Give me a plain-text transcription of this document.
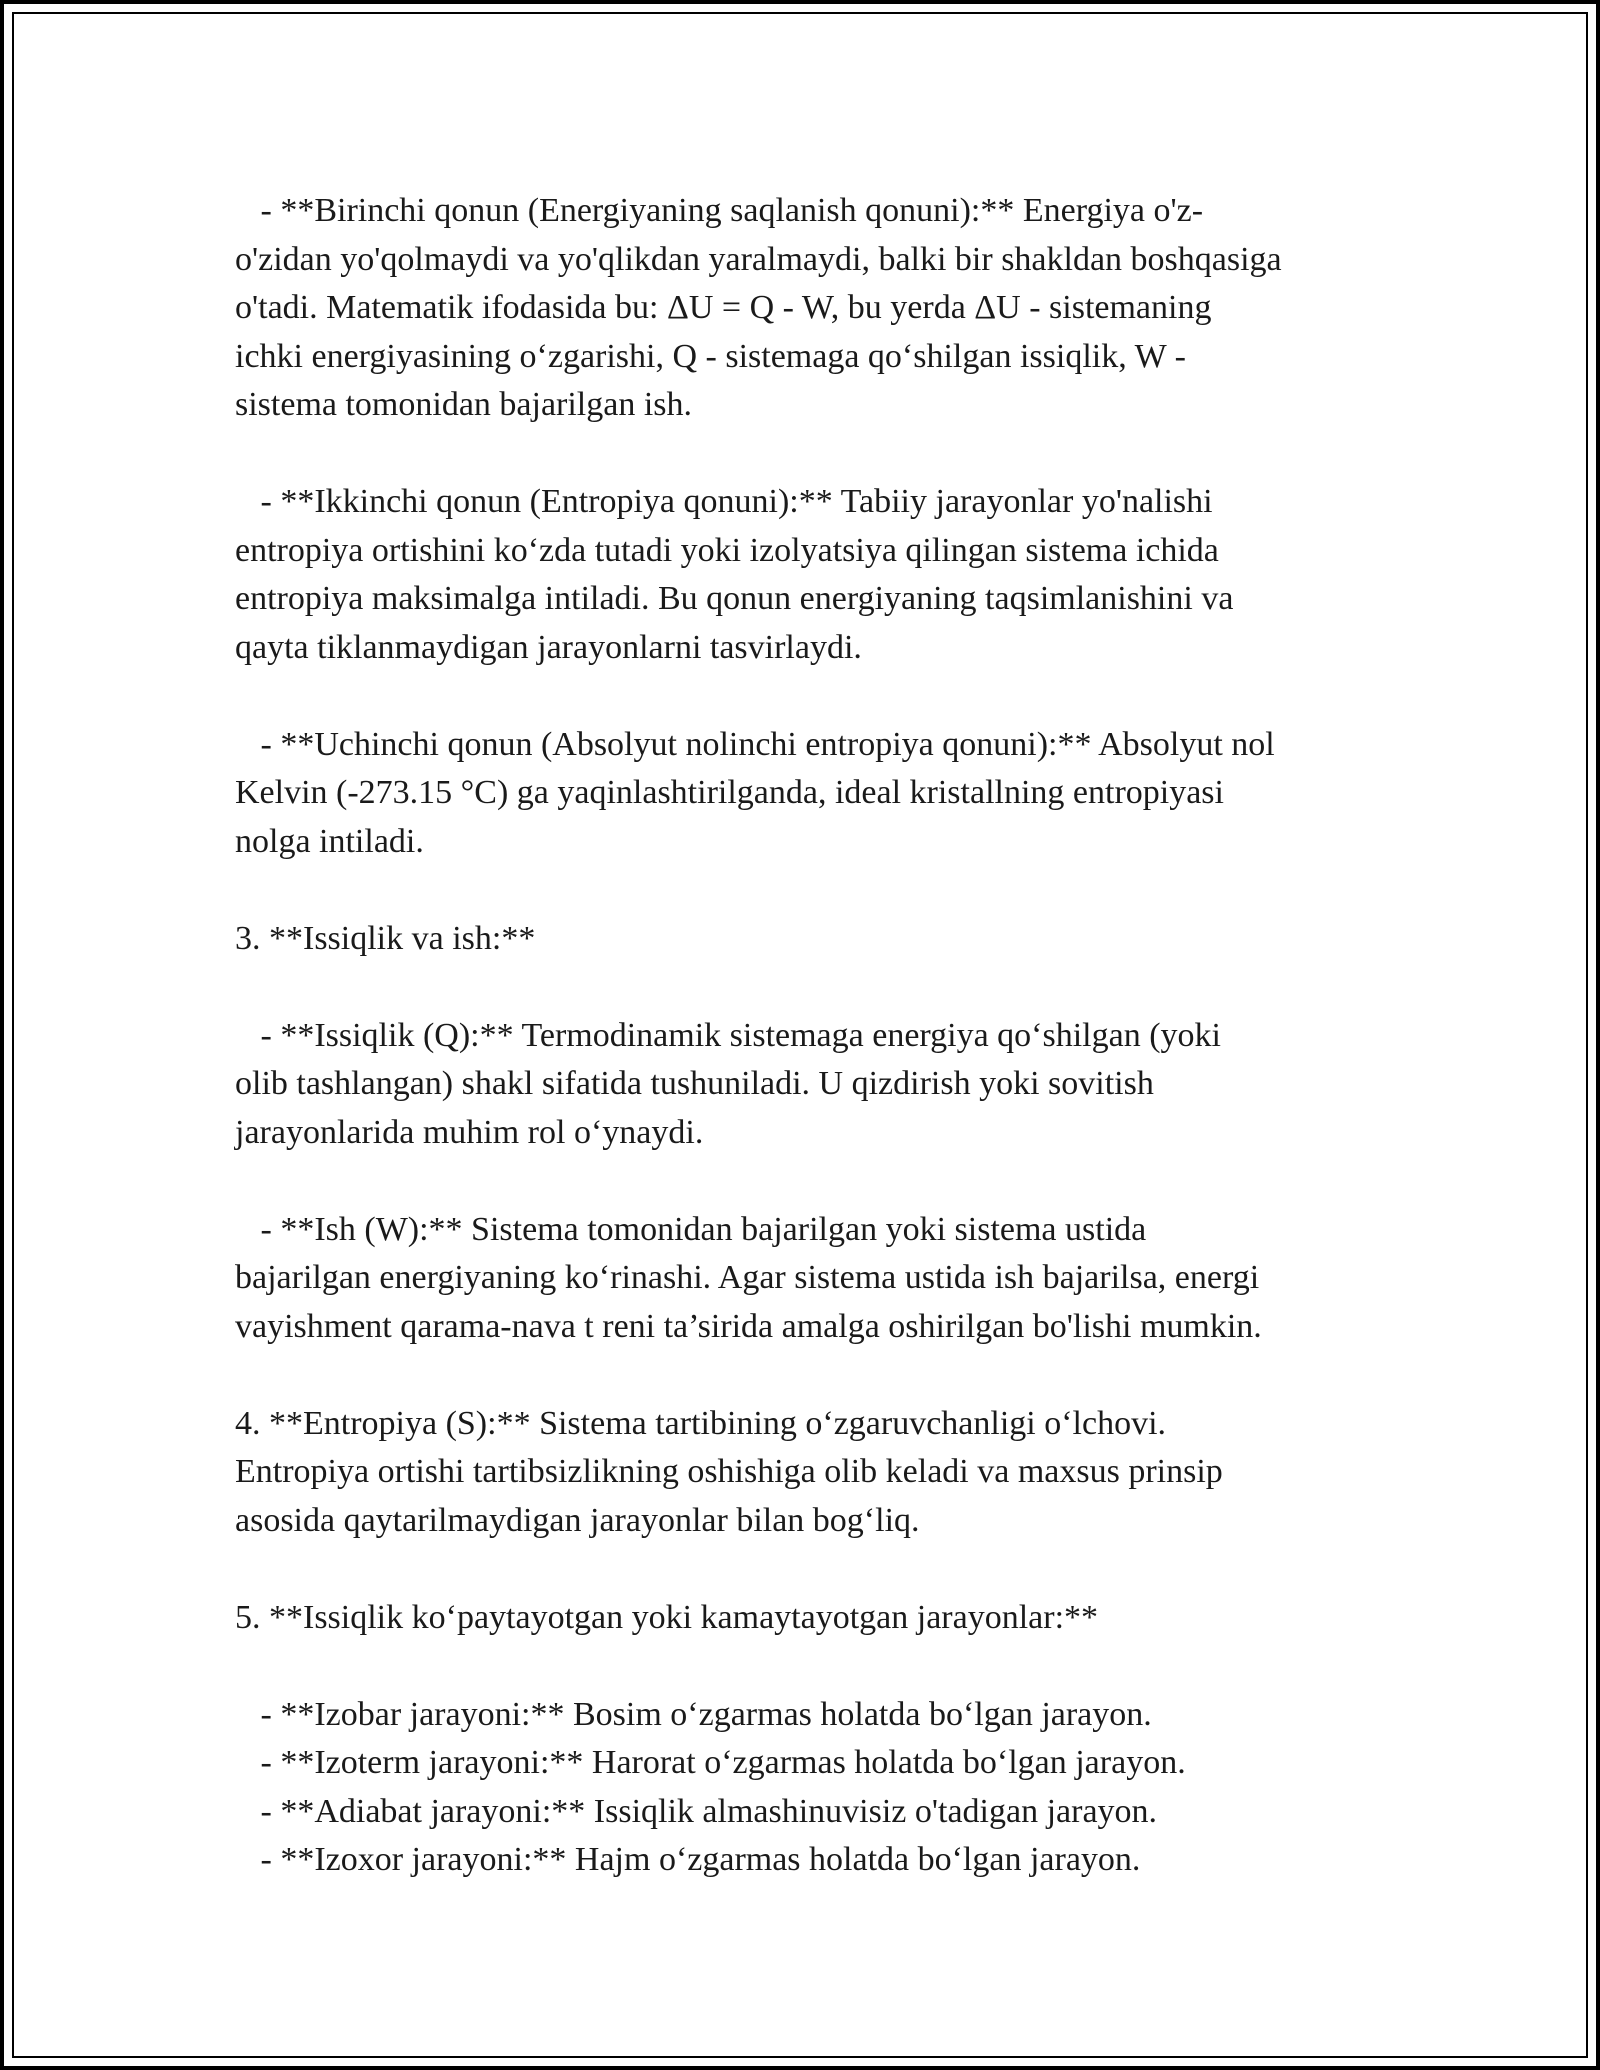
- **Birinchi qonun (Energiyaning saqlanish qonuni):** Energiya o'z-
o'zidan yo'qolmaydi va yo'qlikdan yaralmaydi, balki bir shakldan boshqasiga
o'tadi. Matematik ifodasida bu: ΔU = Q - W, bu yerda ΔU - sistemaning
ichki energiyasining o‘zgarishi, Q - sistemaga qo‘shilgan issiqlik, W -
sistema tomonidan bajarilgan ish.
- **Ikkinchi qonun (Entropiya qonuni):** Tabiiy jarayonlar yo'nalishi
entropiya ortishini ko‘zda tutadi yoki izolyatsiya qilingan sistema ichida
entropiya maksimalga intiladi. Bu qonun energiyaning taqsimlanishini va
qayta tiklanmaydigan jarayonlarni tasvirlaydi.
- **Uchinchi qonun (Absolyut nolinchi entropiya qonuni):** Absolyut nol
Kelvin (-273.15 °C) ga yaqinlashtirilganda, ideal kristallning entropiyasi
nolga intiladi.
3. **Issiqlik va ish:**
- **Issiqlik (Q):** Termodinamik sistemaga energiya qo‘shilgan (yoki
olib tashlangan) shakl sifatida tushuniladi. U qizdirish yoki sovitish
jarayonlarida muhim rol o‘ynaydi.
- **Ish (W):** Sistema tomonidan bajarilgan yoki sistema ustida
bajarilgan energiyaning ko‘rinashi. Agar sistema ustida ish bajarilsa, energi
vayishment qarama-nava t reni ta’sirida amalga oshirilgan bo'lishi mumkin.
4. **Entropiya (S):** Sistema tartibining o‘zgaruvchanligi o‘lchovi.
Entropiya ortishi tartibsizlikning oshishiga olib keladi va maxsus prinsip
asosida qaytarilmaydigan jarayonlar bilan bog‘liq.
5. **Issiqlik ko‘paytayotgan yoki kamaytayotgan jarayonlar:**
- **Izobar jarayoni:** Bosim o‘zgarmas holatda bo‘lgan jarayon.
- **Izoterm jarayoni:** Harorat o‘zgarmas holatda bo‘lgan jarayon.
- **Adiabat jarayoni:** Issiqlik almashinuvisiz o'tadigan jarayon.
- **Izoxor jarayoni:** Hajm o‘zgarmas holatda bo‘lgan jarayon.
